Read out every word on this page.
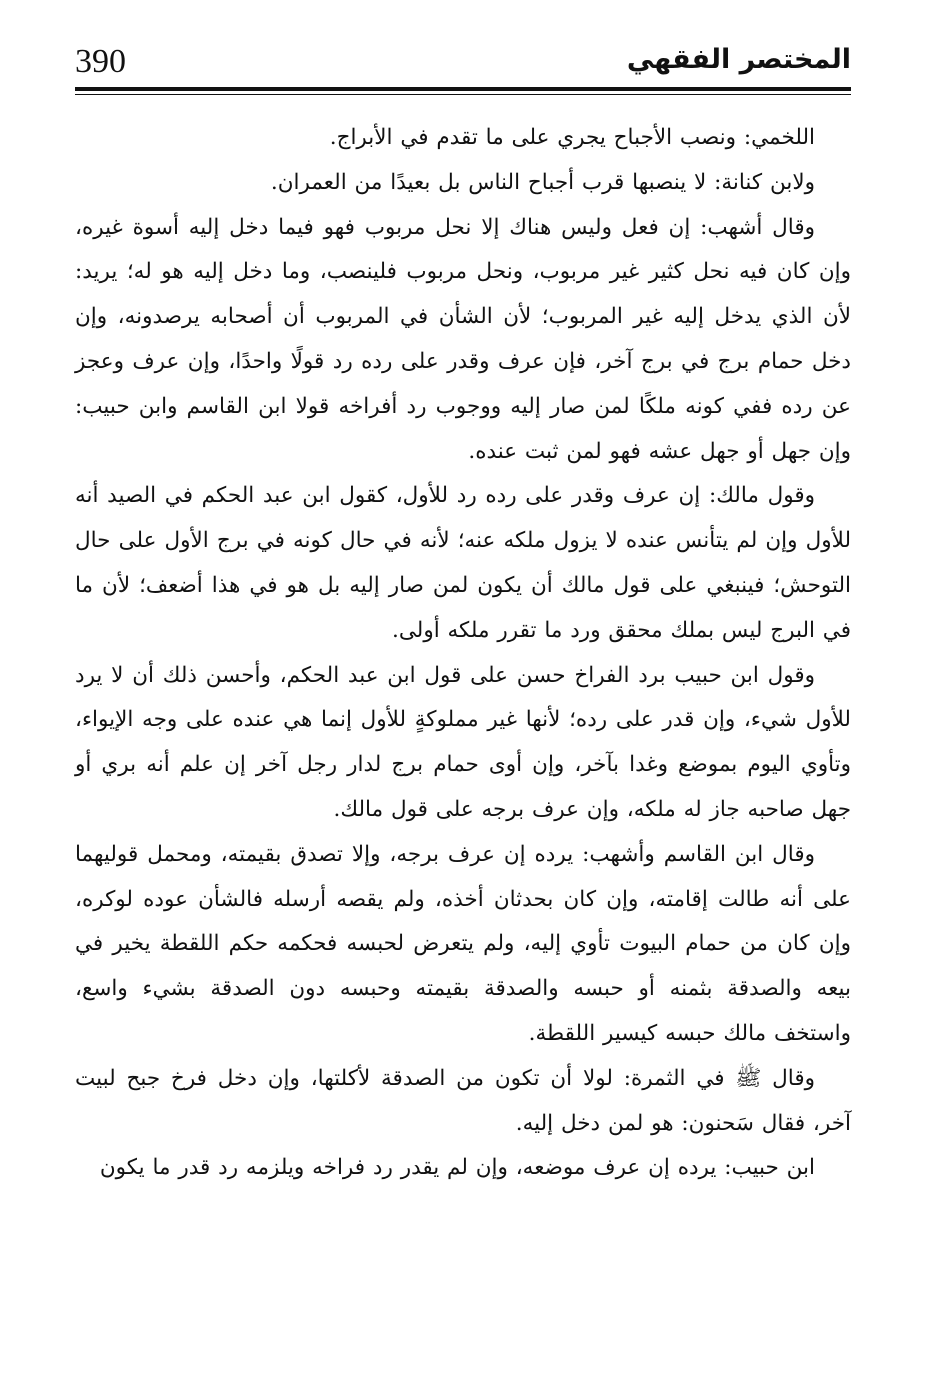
390	المختصر الفقهي

اللخمي: ونصب الأجباح يجري على ما تقدم في الأبراج.

ولابن كنانة: لا ينصبها قرب أجباح الناس بل بعيدًا من العمران.

وقال أشهب: إن فعل وليس هناك إلا نحل مربوب فهو فيما دخل إليه أسوة غيره، وإن كان فيه نحل كثير غير مربوب، ونحل مربوب فلينصب، وما دخل إليه هو له؛ يريد: لأن الذي يدخل إليه غير المربوب؛ لأن الشأن في المربوب أن أصحابه يرصدونه، وإن دخل حمام برج في برج آخر، فإن عرف وقدر على رده رد قولًا واحدًا، وإن عرف وعجز عن رده ففي كونه ملكًا لمن صار إليه ووجوب رد أفراخه قولا ابن القاسم وابن حبيب: وإن جهل أو جهل عشه فهو لمن ثبت عنده.

وقول مالك: إن عرف وقدر على رده رد للأول، كقول ابن عبد الحكم في الصيد أنه للأول وإن لم يتأنس عنده لا يزول ملكه عنه؛ لأنه في حال كونه في برج الأول على حال التوحش؛ فينبغي على قول مالك أن يكون لمن صار إليه بل هو في هذا أضعف؛ لأن ما في البرج ليس بملك محقق ورد ما تقرر ملكه أولى.

وقول ابن حبيب برد الفراخ حسن على قول ابن عبد الحكم، وأحسن ذلك أن لا يرد للأول شيء، وإن قدر على رده؛ لأنها غير مملوكةٍ للأول إنما هي عنده على وجه الإيواء، وتأوي اليوم بموضع وغدا بآخر، وإن أوى حمام برج لدار رجل آخر إن علم أنه بري أو جهل صاحبه جاز له ملكه، وإن عرف برجه على قول مالك.

وقال ابن القاسم وأشهب: يرده إن عرف برجه، وإلا تصدق بقيمته، ومحمل قوليهما على أنه طالت إقامته، وإن كان بحدثان أخذه، ولم يقصه أرسله فالشأن عوده لوكره، وإن كان من حمام البيوت تأوي إليه، ولم يتعرض لحبسه فحكمه حكم اللقطة يخير في بيعه والصدقة بثمنه أو حبسه والصدقة بقيمته وحبسه دون الصدقة بشيء واسع، واستخف مالك حبسه كيسير اللقطة.

وقال ﷺ في الثمرة: لولا أن تكون من الصدقة لأكلتها، وإن دخل فرخ جبح لبيت آخر، فقال سَحنون: هو لمن دخل إليه.

ابن حبيب: يرده إن عرف موضعه، وإن لم يقدر رد فراخه ويلزمه رد قدر ما يكون
